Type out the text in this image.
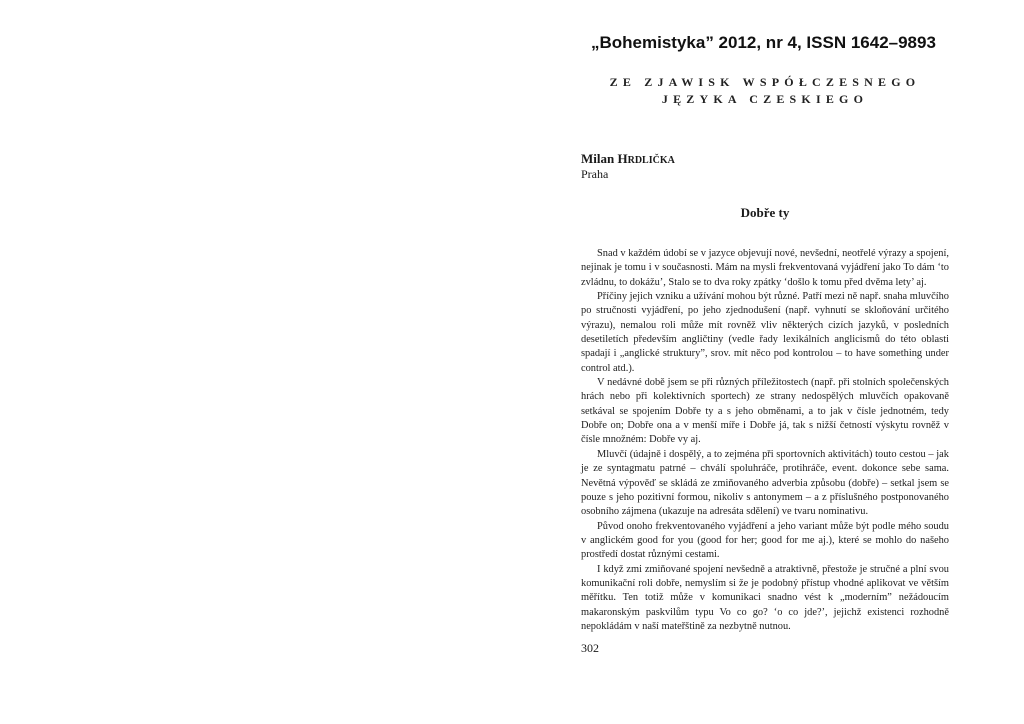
„Bohemistyka” 2012, nr 4, ISSN 1642–9893
ZE ZJAWISK WSPÓŁCZESNEGO
JĘZYKA CZESKIEGO
Milan HRDLIČKA
Praha
Dobře ty

Snad v každém údobí se v jazyce objevují nové, nevšední, neotřelé výrazy a spojení, nejinak je tomu i v současnosti. Mám na mysli frekventovaná vyjádření jako To dám ‘to zvládnu, to dokážu’, Stalo se to dva roky zpátky ‘došlo k tomu před dvěma lety’ aj.

Příčiny jejich vzniku a užívání mohou být různé. Patří mezi ně např. snaha mluvčího po stručnosti vyjádření, po jeho zjednodušení (např. vyhnutí se skloňování určitého výrazu), nemalou roli může mít rovněž vliv některých cizích jazyků, v posledních desetiletích především angličtiny (vedle řady lexikálních anglicismů do této oblasti spadají i „anglické struktury”, srov. mít něco pod kontrolou – to have something under control atd.).

V nedávné době jsem se při různých příležitostech (např. při stolních společenských hrách nebo při kolektivních sportech) ze strany nedospělých mluvčích opakovaně setkával se spojením Dobře ty a s jeho obměnami, a to jak v čísle jednotném, tedy Dobře on; Dobře ona a v menší míře i Dobře já, tak s nižší četností výskytu rovněž v čísle množném: Dobře vy aj.

Mluvčí (údajně i dospělý, a to zejména při sportovních aktivitách) touto cestou – jak je ze syntagmatu patrné – chválí spoluhráče, protihráče, event. dokonce sebe sama. Nevětná výpověď se skládá ze zmiňovaného adverbia způsobu (dobře) – setkal jsem se pouze s jeho pozitivní formou, nikoliv s antonymem – a z příslušného postponovaného osobního zájmena (ukazuje na adresáta sdělení) ve tvaru nominativu.

Původ onoho frekventovaného vyjádření a jeho variant může být podle mého soudu v anglickém good for you (good for her; good for me aj.), které se mohlo do našeho prostředí dostat různými cestami.

I když zmi zmiňované spojení nevšedně a atraktivně, přestože je stručné a plní svou komunikační roli dobře, nemyslím si že je podobný přístup vhodné aplikovat ve větším měřítku. Ten totiž může v komunikaci snadno vést k „moderním” nežádoucím makaronským paskvilům typu Vo co go? ‘o co jde?’, jejichž existenci rozhodně nepokládám v naší mateřštině za nezbytně nutnou.

302
